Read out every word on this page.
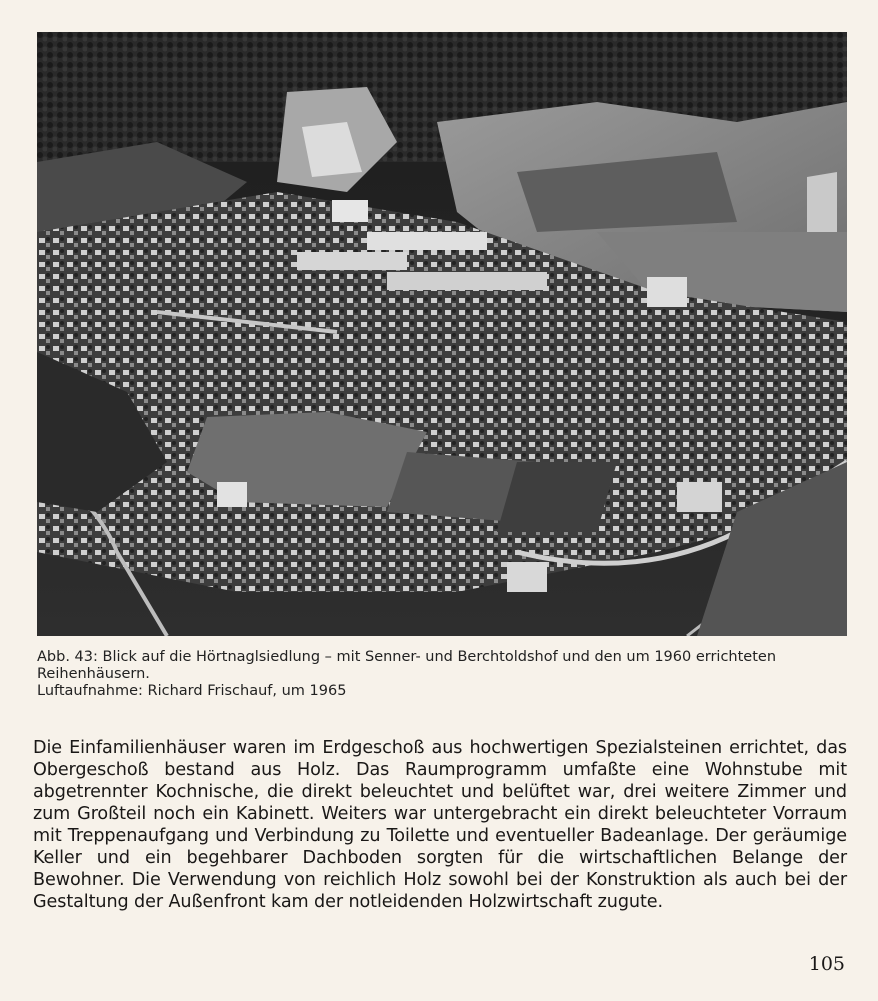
Abb. 43: Blick auf die Hörtnaglsiedlung – mit Senner- und Berchtoldshof und den um 1960 errichteten Reihenhäusern.

Luftaufnahme: Richard Frischauf, um 1965

Die Einfamilienhäuser waren im Erdgeschoß aus hochwertigen Spezialsteinen errichtet, das Obergeschoß bestand aus Holz. Das Raumprogramm umfaßte eine Wohnstube mit abgetrennter Kochnische, die direkt beleuchtet und belüftet war, drei weitere Zimmer und zum Großteil noch ein Kabinett. Weiters war untergebracht ein direkt beleuchteter Vorraum mit Treppenaufgang und Verbindung zu Toilette und eventueller Badeanlage. Der geräumige Keller und ein begehbarer Dachboden sorgten für die wirtschaftlichen Belange der Bewohner. Die Verwendung von reichlich Holz sowohl bei der Konstruktion als auch bei der Gestaltung der Außenfront kam der notleidenden Holzwirtschaft zugute.

105
